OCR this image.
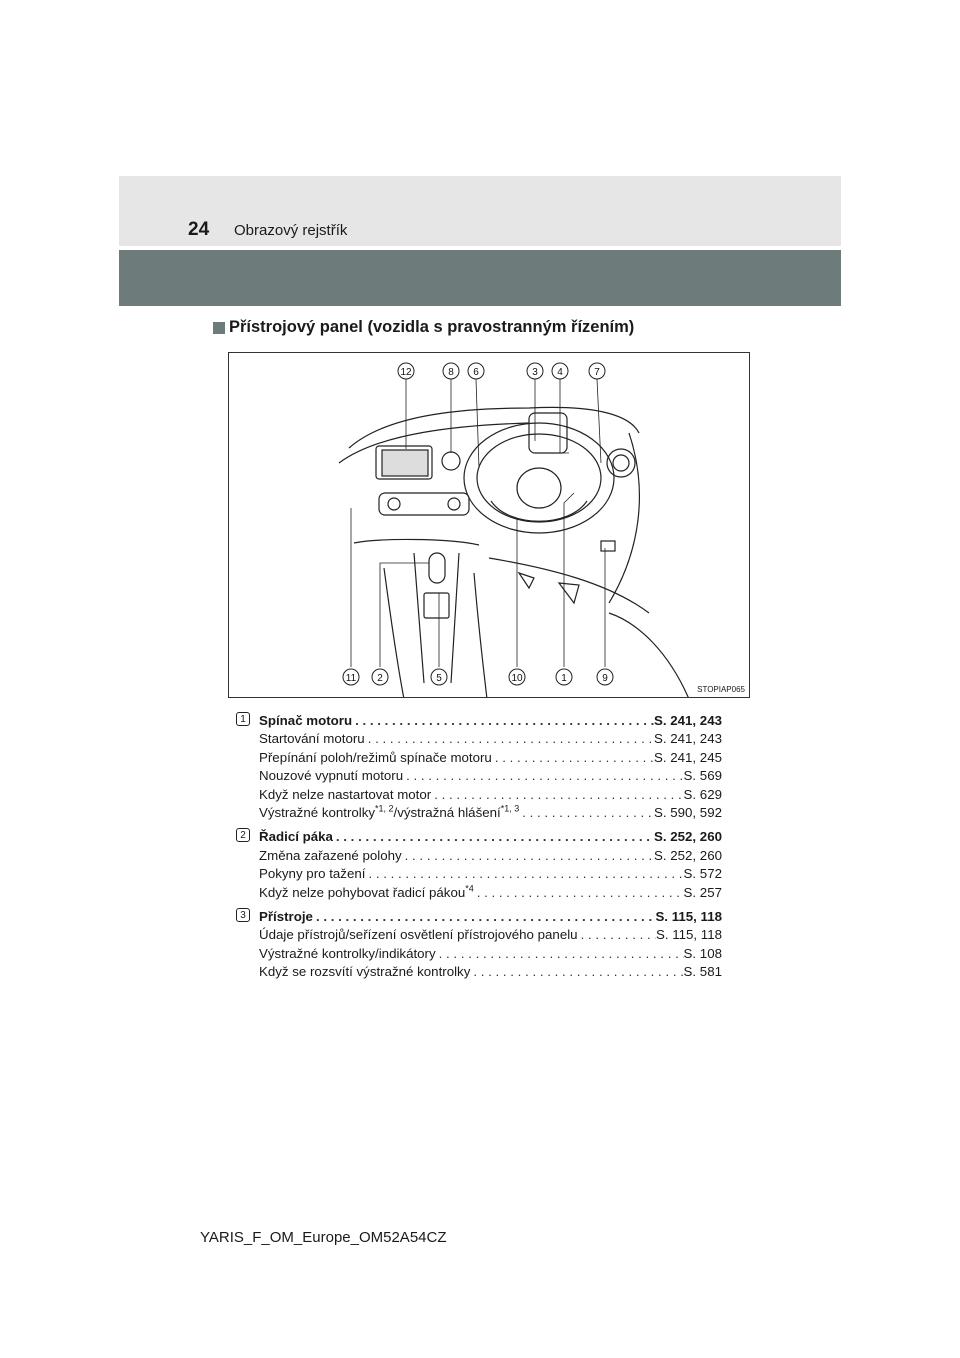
24 Obrazový rejstřík
Přístrojový panel (vozidla s pravostranným řízením)
12	8 6	3 4	7
11 2	5	10	1	9
STOPIAP065
1 Spínač motoru . . .	S. 241, 243
Startování motoru . . .	S. 241, 243
Přepínání poloh/režimů spínače motoru . . .	S. 241, 245
Nouzové vypnutí motoru . . .	S. 569
Když nelze nastartovat motor . . .	S. 629
Výstražné kontrolky$^{*1, 2}$/výstražná hlášení$^{*1, 3}$ . . .	S. 590, 592
2 Řadicí páka . . .	S. 252, 260
Změna zařazené polohy . . .	S. 252, 260
Pokyny pro tažení . . .	S. 572
Když nelze pohybovat řadicí pákou$^{*4}$ . . .	S. 257
3 Přístroje . . .	S. 115, 118
Údaje přístrojů/seřízení osvětlení přístrojového panelu . . .	S. 115, 118
Výstražné kontrolky/indikátory . . .	S. 108
Když se rozsvítí výstražné kontrolky . . .	S. 581
YARIS_F_OM_Europe_OM52A54CZ
